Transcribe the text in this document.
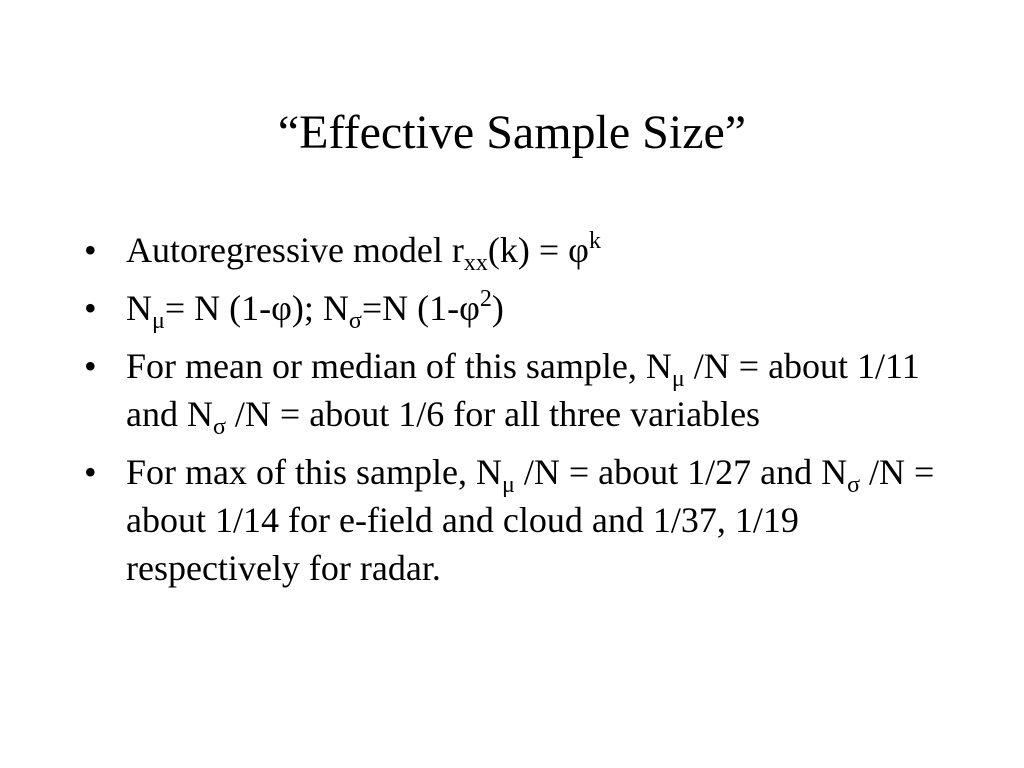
“Effective Sample Size”
• Autoregressive model $r_{xx}(k) = \varphi^k$
• $N_\mu= N$ (1-φ); $N_\sigma=N$ $(1-\varphi^2)$
• For mean or median of this sample, $N_\mu$ /N = about 1/11 and $N_\sigma$ /N = about 1/6 for all three variables
• For max of this sample, $N_\mu$ /N = about 1/27 and $N_\sigma$ /N = about 1/14 for e-field and cloud and 1/37, 1/19 respectively for radar.
